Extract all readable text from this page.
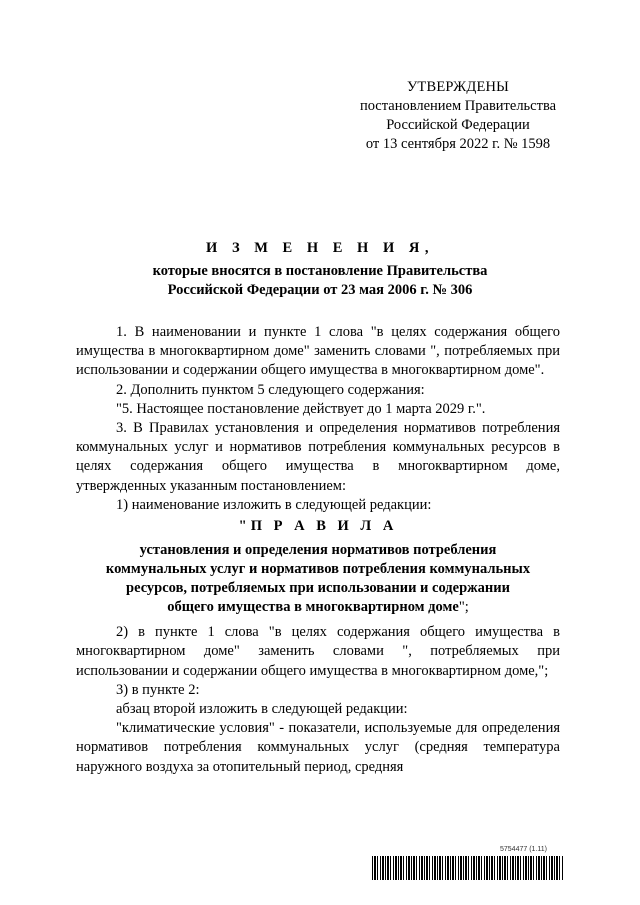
УТВЕРЖДЕНЫ
постановлением Правительства
Российской Федерации
от 13 сентября 2022 г. № 1598
И З М Е Н Е Н И Я,
которые вносятся в постановление Правительства
Российской Федерации от 23 мая 2006 г. № 306

1. В наименовании и пункте 1 слова "в целях содержания общего имущества в многоквартирном доме" заменить словами ", потребляемых при использовании и содержании общего имущества в многоквартирном доме".

2. Дополнить пунктом 5 следующего содержания:

"5. Настоящее постановление действует до 1 марта 2029 г.".

3. В Правилах установления и определения нормативов потребления коммунальных услуг и нормативов потребления коммунальных ресурсов в целях содержания общего имущества в многоквартирном доме, утвержденных указанным постановлением:

1) наименование изложить в следующей редакции:

"П Р А В И Л А
установления и определения нормативов потребления
коммунальных услуг и нормативов потребления коммунальных
ресурсов, потребляемых при использовании и содержании
общего имущества в многоквартирном доме";

2) в пункте 1 слова "в целях содержания общего имущества в многоквартирном доме" заменить словами ", потребляемых при использовании и содержании общего имущества в многоквартирном доме,";

3) в пункте 2:

абзац второй изложить в следующей редакции:

"климатические условия" - показатели, используемые для определения нормативов потребления коммунальных услуг (средняя температура наружного воздуха за отопительный период, средняя

5754477 (1.11)
